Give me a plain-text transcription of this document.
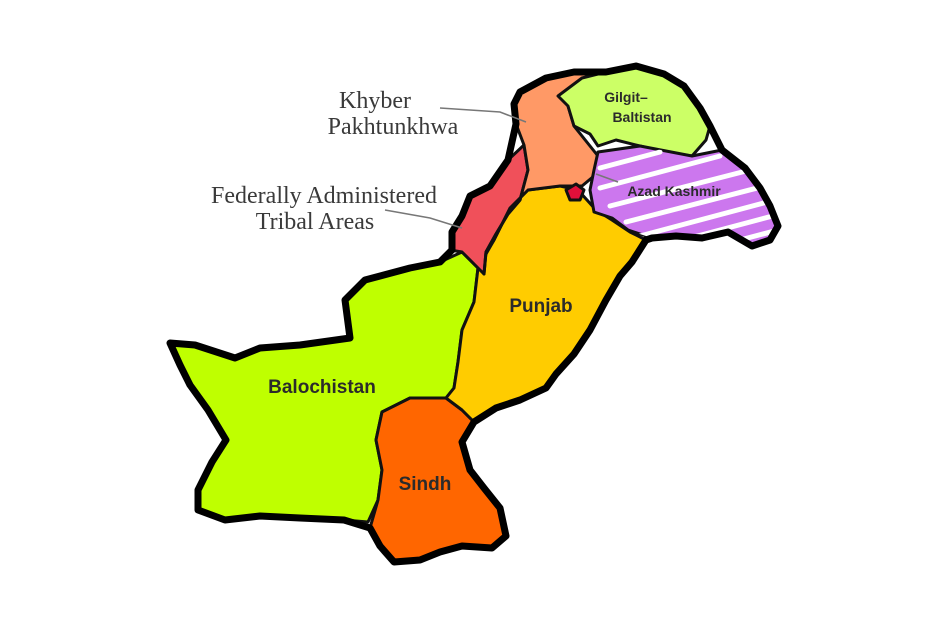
Gilgit–
Baltistan
Azad Kashmir
Punjab
Balochistan
Sindh
Khyber
Pakhtunkhwa
Federally Administered
Tribal Areas
